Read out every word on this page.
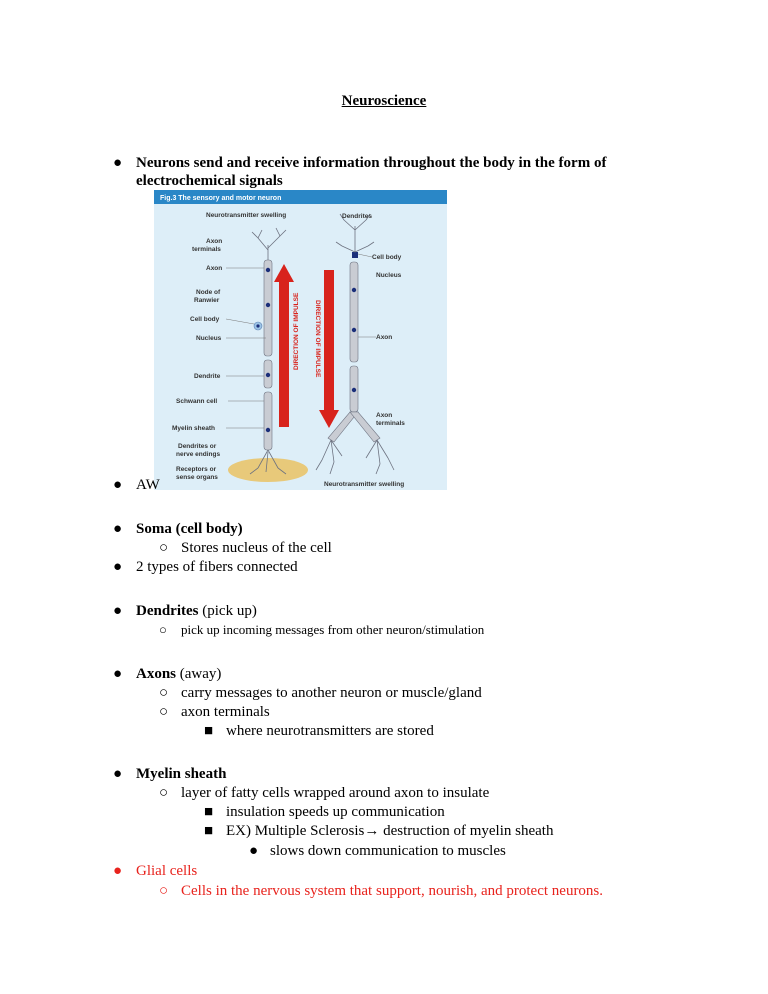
Neuroscience
● Neurons send and receive information throughout the body in the form of
electrochemical signals
Fig.3 The sensory and motor neuron
DIRECTION OF IMPULSE DIRECTION OF IMPULSE
Neurotransmitter swelling
Axon
terminals
Axon
Node of
Ranwier
Cell body
Nucleus
Dendrite
Schwann cell
Myelin sheath
Dendrites or
nerve endings
Receptors or
sense organs
Dendrites
Cell body
Nucleus
Axon
Axon
terminals
Neurotransmitter swelling
● AW
● Soma (cell body)
○ Stores nucleus of the cell
● 2 types of fibers connected
● Dendrites (pick up)
○ pick up incoming messages from other neuron/stimulation
● Axons (away)
○ carry messages to another neuron or muscle/gland
○ axon terminals
■ where neurotransmitters are stored
● Myelin sheath
○ layer of fatty cells wrapped around axon to insulate
■ insulation speeds up communication
■ EX) Multiple Sclerosis→ destruction of myelin sheath
● slows down communication to muscles
● Glial cells
○ Cells in the nervous system that support, nourish, and protect neurons.
